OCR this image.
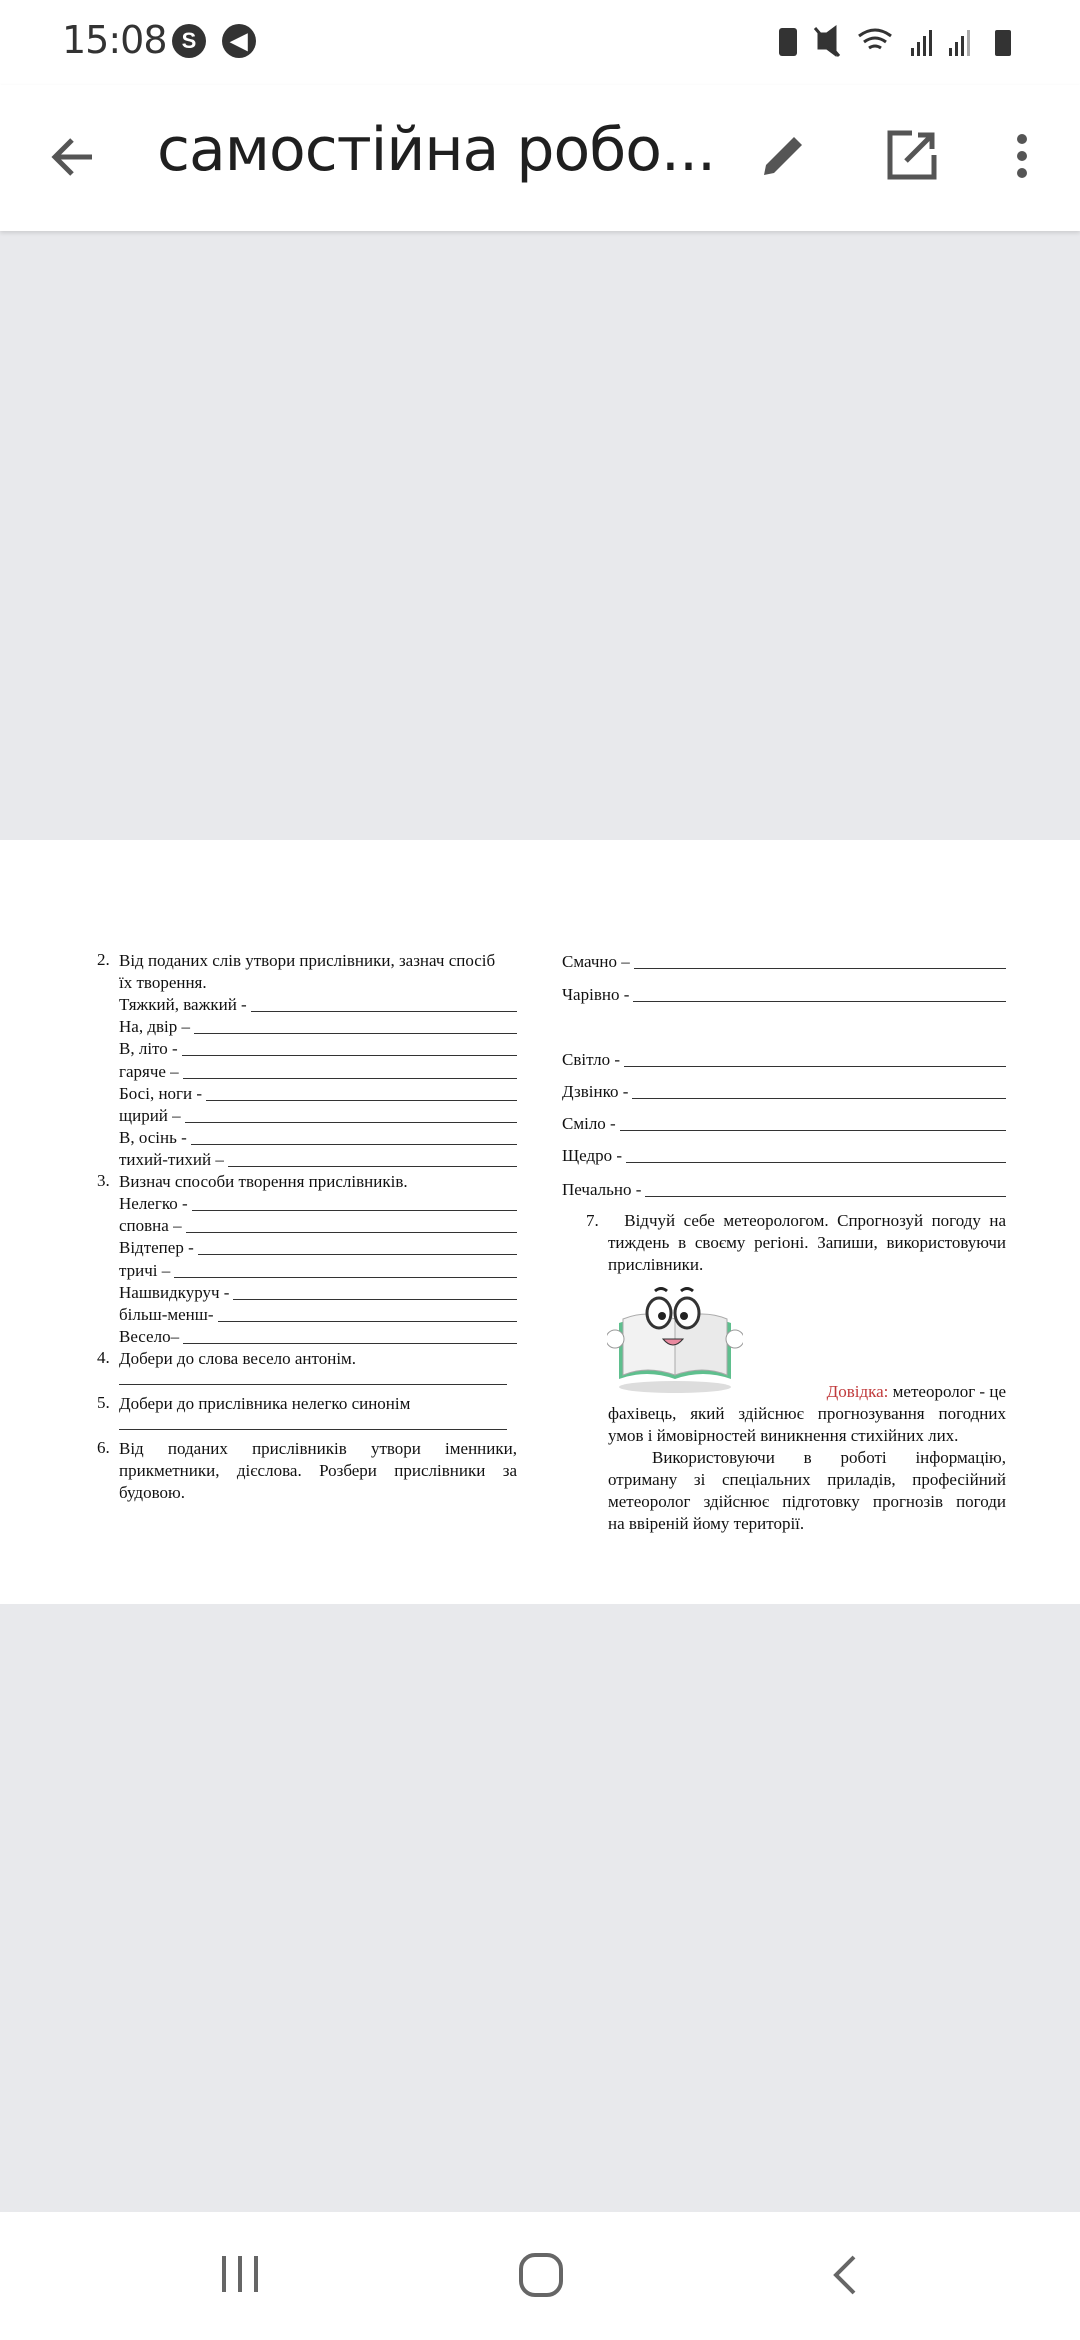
15:08 S	◀
самостійна робо...
2. Від поданих слів утвори прислівники, зазнач спосіб
їх творення.
Тяжкий, важкий -
На, двір –
В, літо -
гаряче –
Босі, ноги -
щирий –
В, осінь -
тихий-тихий –
3. Визнач способи творення прислівників.
Нелегко -
сповна –
Відтепер -
тричі –
Нашвидкуруч -
більш-менш-
Весело–
4. Добери до слова весело антонім.
5. Добери до прислівника нелегко синонім
6. Від поданих прислівників утвори іменники,
прикметники, дієслова. Розбери прислівники за
будовою.
Смачно –
Чарівно -
Світло -
Дзвінко -
Сміло -
Щедро -
Печально -
7. Відчуй себе метеорологом. Спрогнозуй погоду на
тиждень в своєму регіоні. Запиши, використовуючи
прислівники.
Довідка: метеоролог - це
фахівець, який здійснює прогнозування погодних
умов і ймовірностей виникнення стихійних лих.
Використовуючи в роботі інформацію,
отриману зі спеціальних приладів, професійний
метеоролог здійснює підготовку прогнозів погоди
на ввіреній йому території.
